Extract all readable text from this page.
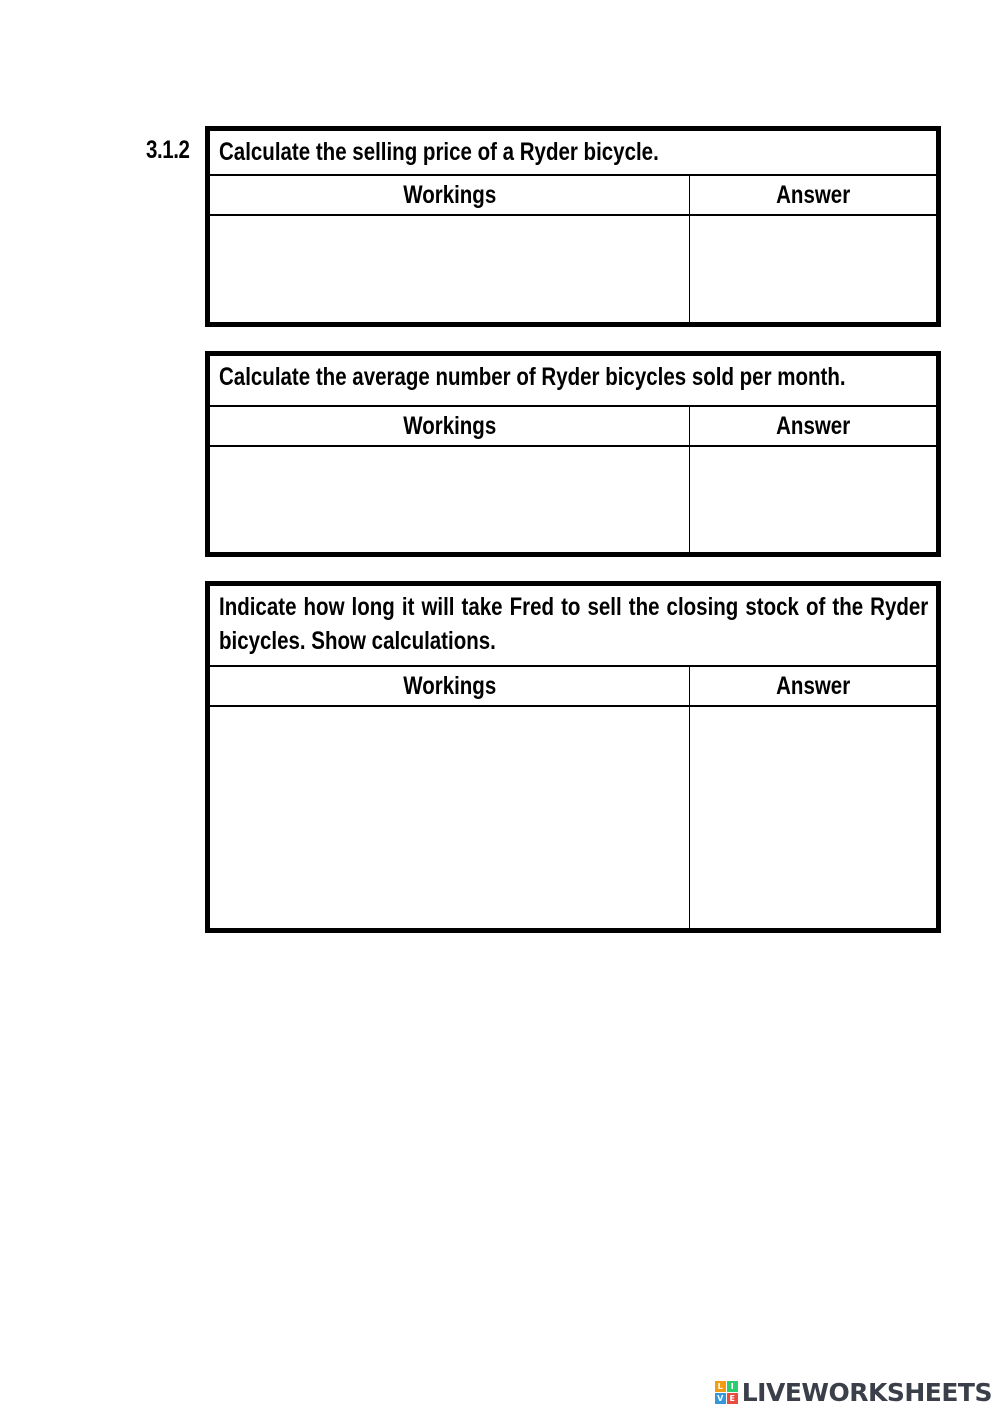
3.1.2 Calculate the selling price of a Ryder bicycle.
Workings	Answer
Calculate the average number of Ryder bicycles sold per month.
Workings	Answer
Indicate how long it will take Fred to sell the closing stock of the Ryder bicycles. Show calculations.
Workings	Answer
L I
V E LIVEWORKSHEETS
